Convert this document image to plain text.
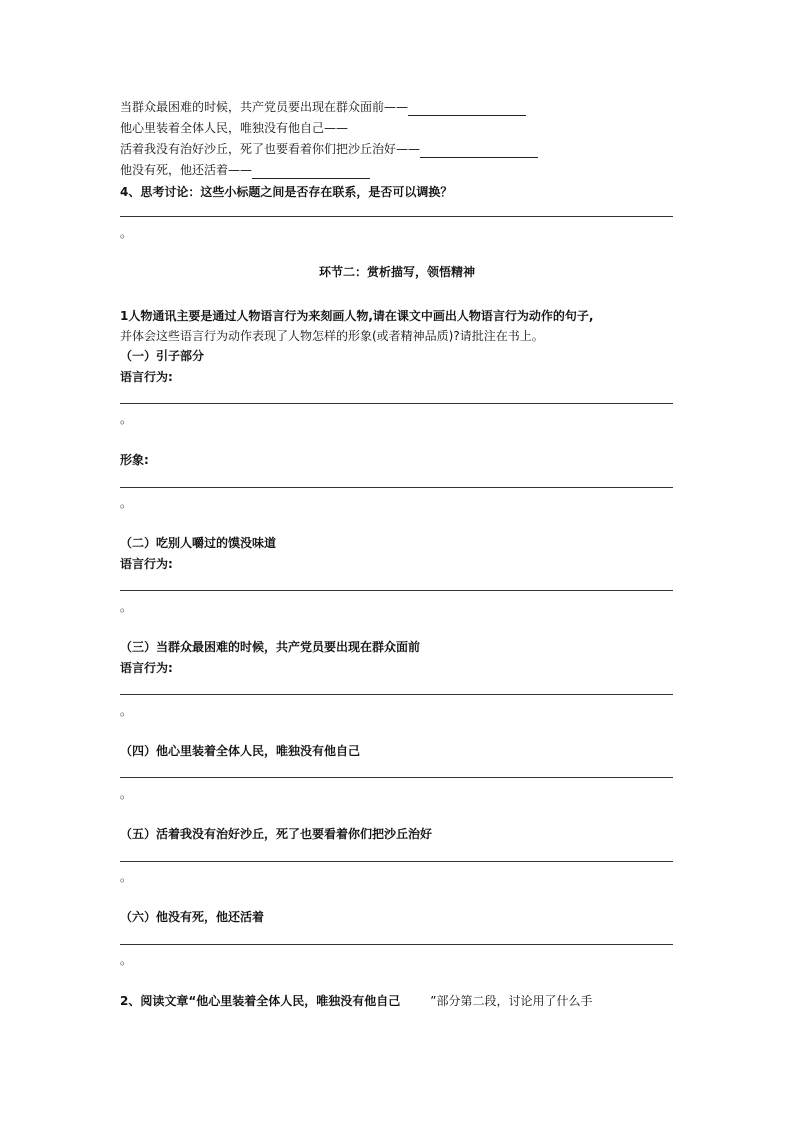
当群众最困难的时候，共产党员要出现在群众面前——
他心里装着全体人民，唯独没有他自己——
活着我没有治好沙丘，死了也要看着你们把沙丘治好——
他没有死，他还活着——
4、思考讨论：这些小标题之间是否存在联系，是否可以调换？
。
环节二：赏析描写，领悟精神
1人物通讯主要是通过人物语言行为来刻画人物,请在课文中画出人物语言行为动作的句子,
并体会这些语言行为动作表现了人物怎样的形象(或者精神品质)?请批注在书上。
（一）引子部分
语言行为:
。
形象:
。
（二）吃别人嚼过的馍没味道
语言行为:
。
（三）当群众最困难的时候，共产党员要出现在群众面前
语言行为:
。
（四）他心里装着全体人民，唯独没有他自己
。
（五）活着我没有治好沙丘，死了也要看着你们把沙丘治好
。
（六）他没有死，他还活着
。
2、阅读文章“他心里装着全体人民，唯独没有他自己	”部分第二段，讨论用了什么手
